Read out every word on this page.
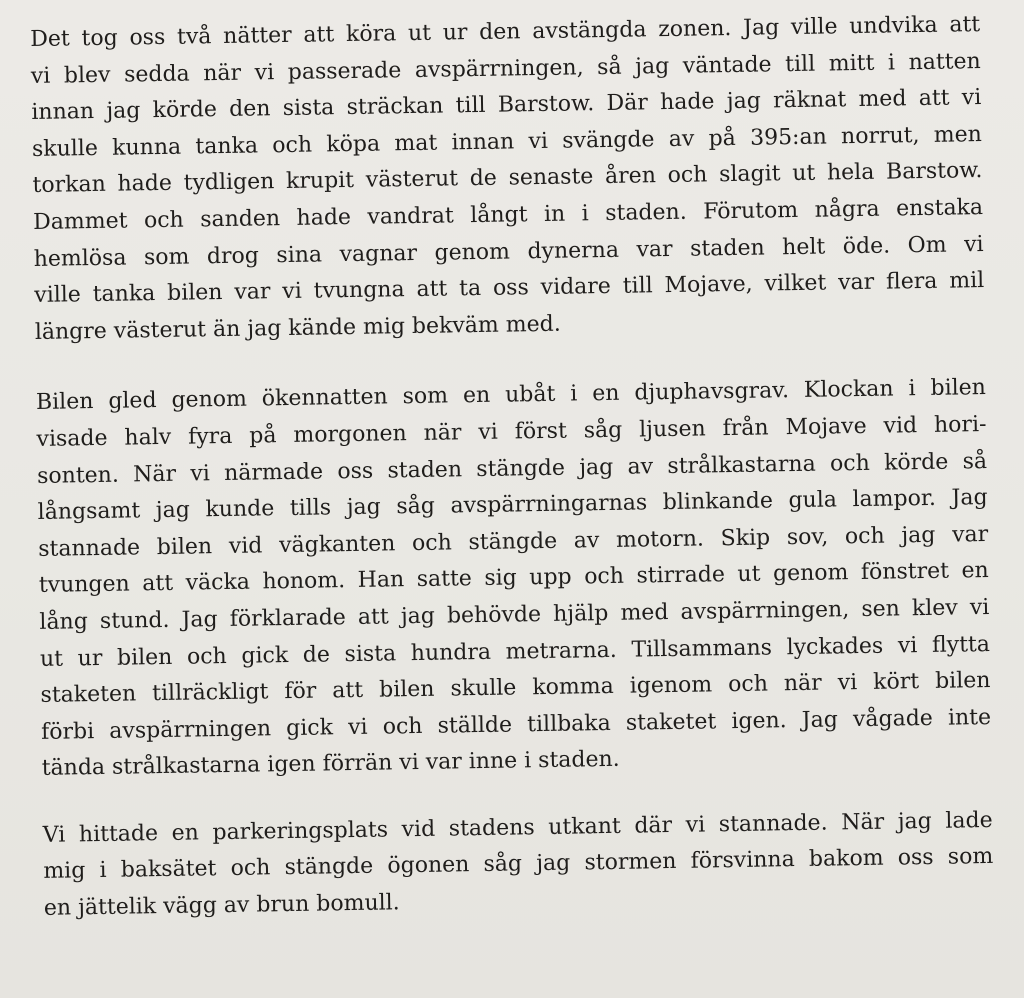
Det tog oss två nätter att köra ut ur den avstängda zonen. Jag ville undvika att
vi blev sedda när vi passerade avspärrningen, så jag väntade till mitt i natten
innan jag körde den sista sträckan till Barstow. Där hade jag räknat med att vi
skulle kunna tanka och köpa mat innan vi svängde av på 395:an norrut, men
torkan hade tydligen krupit västerut de senaste åren och slagit ut hela Barstow.
Dammet och sanden hade vandrat långt in i staden. Förutom några enstaka
hemlösa som drog sina vagnar genom dynerna var staden helt öde. Om vi
ville tanka bilen var vi tvungna att ta oss vidare till Mojave, vilket var flera mil
längre västerut än jag kände mig bekväm med.

Bilen gled genom ökennatten som en ubåt i en djuphavsgrav. Klockan i bilen
visade halv fyra på morgonen när vi först såg ljusen från Mojave vid hori-
sonten. När vi närmade oss staden stängde jag av strålkastarna och körde så
långsamt jag kunde tills jag såg avspärrningarnas blinkande gula lampor. Jag
stannade bilen vid vägkanten och stängde av motorn. Skip sov, och jag var
tvungen att väcka honom. Han satte sig upp och stirrade ut genom fönstret en
lång stund. Jag förklarade att jag behövde hjälp med avspärrningen, sen klev vi
ut ur bilen och gick de sista hundra metrarna. Tillsammans lyckades vi flytta
staketen tillräckligt för att bilen skulle komma igenom och när vi kört bilen
förbi avspärrningen gick vi och ställde tillbaka staketet igen. Jag vågade inte
tända strålkastarna igen förrän vi var inne i staden.

Vi hittade en parkeringsplats vid stadens utkant där vi stannade. När jag lade
mig i baksätet och stängde ögonen såg jag stormen försvinna bakom oss som
en jättelik vägg av brun bomull.
